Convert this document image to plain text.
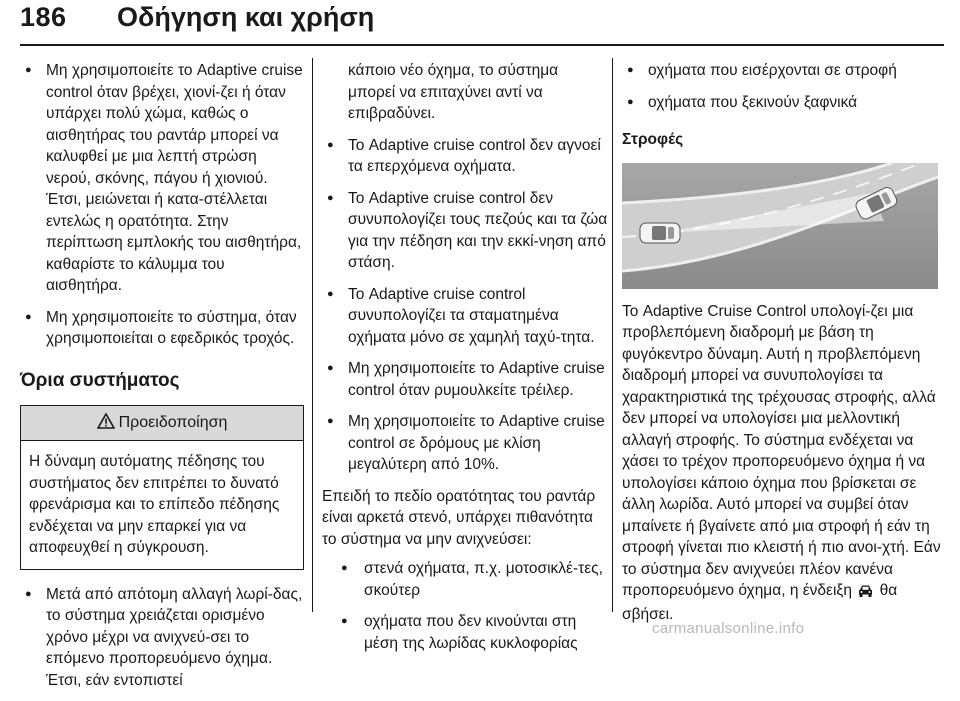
186 Οδήγηση και χρήση
● Μη χρησιμοποιείτε το Adaptive cruise control όταν βρέχει, χιονί-ζει ή όταν υπάρχει πολύ χώμα, καθώς ο αισθητήρας του ραντάρ μπορεί να καλυφθεί με μια λεπτή στρώση νερού, σκόνης, πάγου ή χιονιού. Έτσι, μειώνεται ή κατα-στέλλεται εντελώς η ορατότητα. Στην περίπτωση εμπλοκής του αισθητήρα, καθαρίστε το κάλυμμα του αισθητήρα.
● Μη χρησιμοποιείτε το σύστημα, όταν χρησιμοποιείται ο εφεδρικός τροχός.
Όρια συστήματος
Προειδοποίηση
Η δύναμη αυτόματης πέδησης του συστήματος δεν επιτρέπει το δυνατό φρενάρισμα και το επίπεδο πέδησης ενδέχεται να μην επαρκεί για να αποφευχθεί η σύγκρουση.
● Μετά από απότομη αλλαγή λωρί-δας, το σύστημα χρειάζεται ορισμένο χρόνο μέχρι να ανιχνεύ-σει το επόμενο προπορευόμενο όχημα. Έτσι, εάν εντοπιστεί
κάποιο νέο όχημα, το σύστημα μπορεί να επιταχύνει αντί να επιβραδύνει.
● Το Adaptive cruise control δεν αγνοεί τα επερχόμενα οχήματα.
● Το Adaptive cruise control δεν συνυπολογίζει τους πεζούς και τα ζώα για την πέδηση και την εκκί-νηση από στάση.
● Το Adaptive cruise control συνυπολογίζει τα σταματημένα οχήματα μόνο σε χαμηλή ταχύ-τητα.
● Μη χρησιμοποιείτε το Adaptive cruise control όταν ρυμουλκείτε τρέιλερ.
● Μη χρησιμοποιείτε το Adaptive cruise control σε δρόμους με κλίση μεγαλύτερη από 10%.
Επειδή το πεδίο ορατότητας του ραντάρ είναι αρκετά στενό, υπάρχει πιθανότητα το σύστημα να μην ανιχνεύσει:
● στενά οχήματα, π.χ. μοτοσικλέ-τες, σκούτερ
● οχήματα που δεν κινούνται στη μέση της λωρίδας κυκλοφορίας
● οχήματα που εισέρχονται σε στροφή
● οχήματα που ξεκινούν ξαφνικά
Στροφές
Το Adaptive Cruise Control υπολογί-ζει μια προβλεπόμενη διαδρομή με βάση τη φυγόκεντρο δύναμη. Αυτή η προβλεπόμενη διαδρομή μπορεί να συνυπολογίσει τα χαρακτηριστικά της τρέχουσας στροφής, αλλά δεν μπορεί να υπολογίσει μια μελλοντική αλλαγή στροφής. Το σύστημα ενδέχεται να χάσει το τρέχον προπορευόμενο όχημα ή να υπολογίσει κάποιο όχημα που βρίσκεται σε άλλη λωρίδα. Αυτό μπορεί να συμβεί όταν μπαίνετε ή βγαίνετε από μια στροφή ή εάν τη στροφή γίνεται πιο κλειστή ή πιο ανοι-χτή. Εάν το σύστημα δεν ανιχνεύει πλέον κανένα προπορευόμενο όχημα, η ένδειξη θα σβήσει.
carmanualsonline.info
